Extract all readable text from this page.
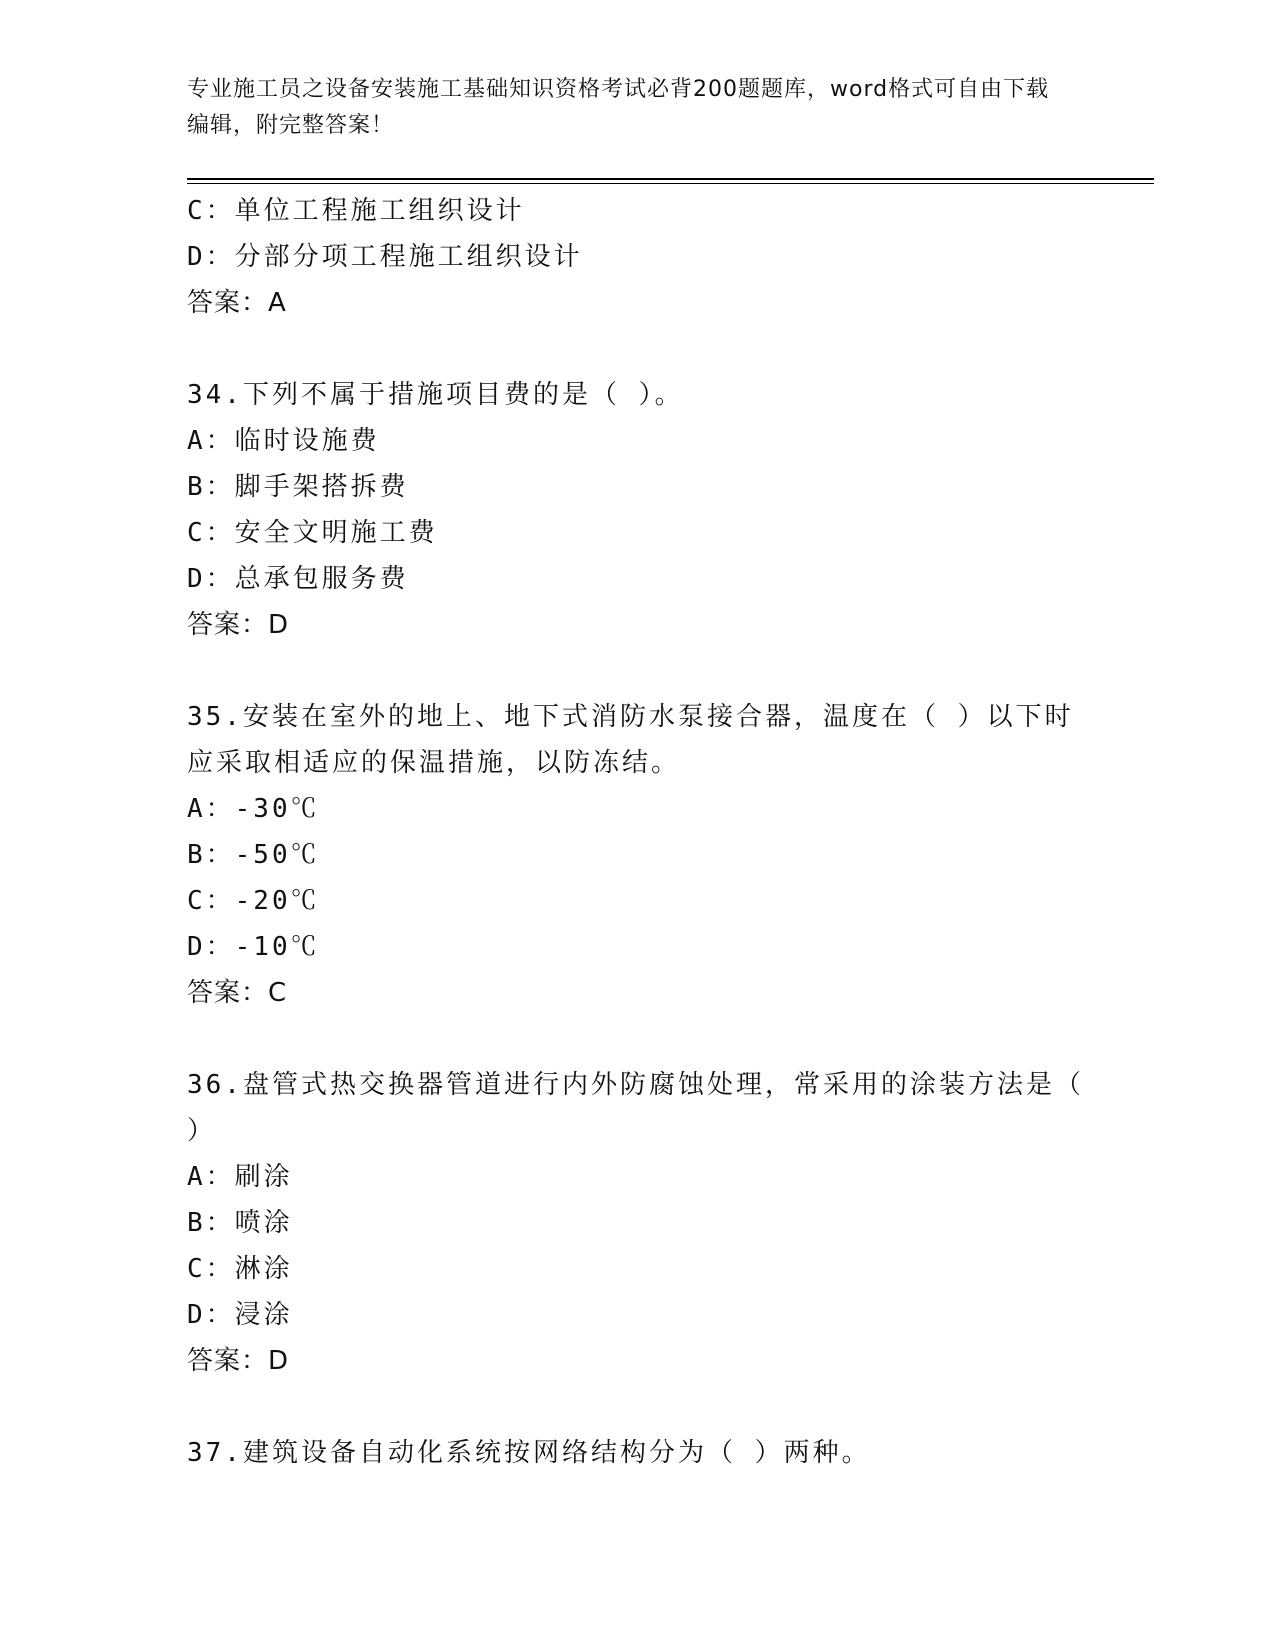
专业施工员之设备安装施工基础知识资格考试必背200题题库，word格式可自由下载编辑，附完整答案！
C：单位工程施工组织设计
D：分部分项工程施工组织设计
答案：A
34.下列不属于措施项目费的是（ ）。
A：临时设施费
B：脚手架搭拆费
C：安全文明施工费
D：总承包服务费
答案：D
35.安装在室外的地上、地下式消防水泵接合器，温度在（ ）以下时应采取相适应的保温措施，以防冻结。
A：-30℃
B：-50℃
C：-20℃
D：-10℃
答案：C
36.盘管式热交换器管道进行内外防腐蚀处理，常采用的涂装方法是（ ）
A：刷涂
B：喷涂
C：淋涂
D：浸涂
答案：D
37.建筑设备自动化系统按网络结构分为（ ）两种。
